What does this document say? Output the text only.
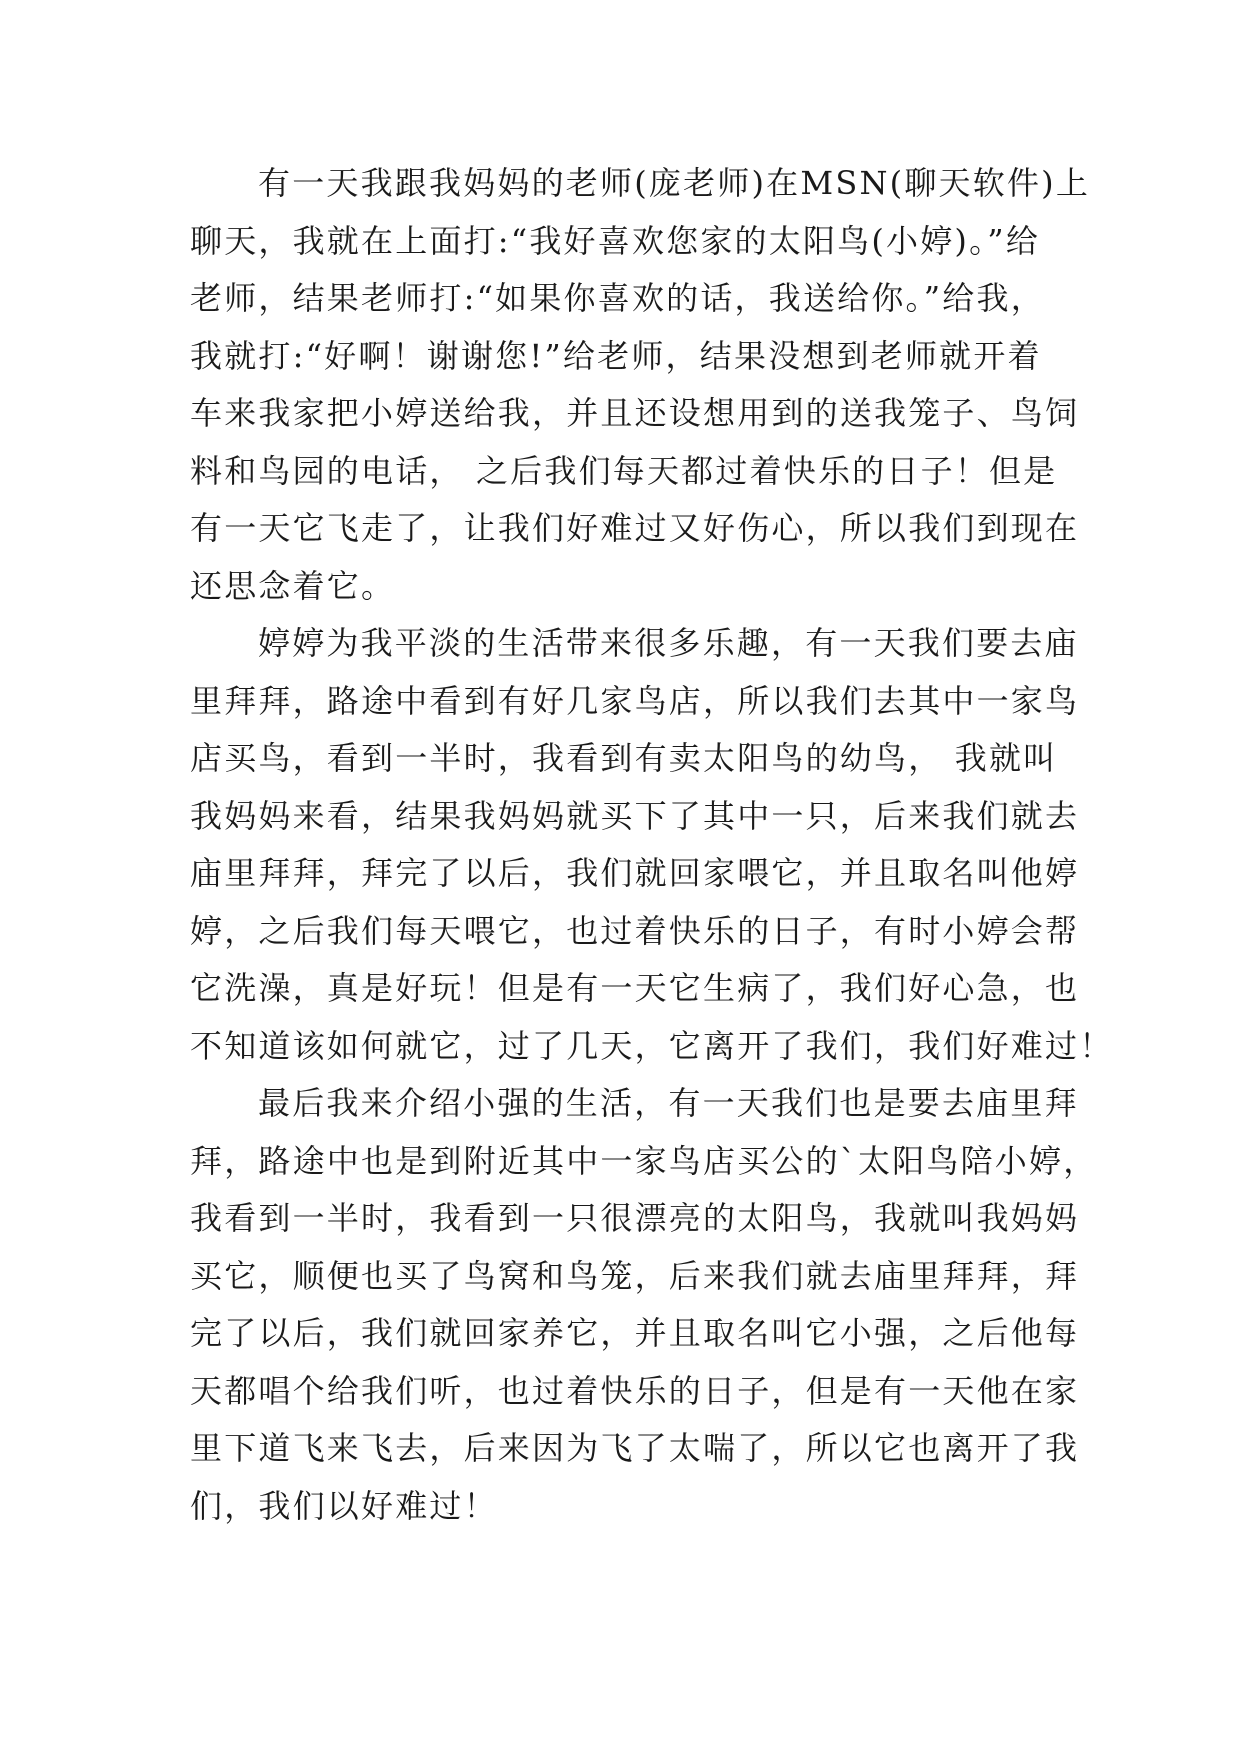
有一天我跟我妈妈的老师(庞老师)在MSN(聊天软件)上

聊天，我就在上面打:“我好喜欢您家的太阳鸟(小婷)。”给

老师，结果老师打:“如果你喜欢的话，我送给你。”给我，

我就打:“好啊！谢谢您!”给老师，结果没想到老师就开着

车来我家把小婷送给我，并且还设想用到的送我笼子、鸟饲

料和鸟园的电话， 之后我们每天都过着快乐的日子！但是

有一天它飞走了，让我们好难过又好伤心，所以我们到现在

还思念着它。

婷婷为我平淡的生活带来很多乐趣，有一天我们要去庙

里拜拜，路途中看到有好几家鸟店，所以我们去其中一家鸟

店买鸟，看到一半时，我看到有卖太阳鸟的幼鸟， 我就叫

我妈妈来看，结果我妈妈就买下了其中一只，后来我们就去

庙里拜拜，拜完了以后，我们就回家喂它，并且取名叫他婷

婷，之后我们每天喂它，也过着快乐的日子，有时小婷会帮

它洗澡，真是好玩！但是有一天它生病了，我们好心急，也

不知道该如何就它，过了几天，它离开了我们，我们好难过！

最后我来介绍小强的生活，有一天我们也是要去庙里拜

拜，路途中也是到附近其中一家鸟店买公的`太阳鸟陪小婷，

我看到一半时，我看到一只很漂亮的太阳鸟，我就叫我妈妈

买它，顺便也买了鸟窝和鸟笼，后来我们就去庙里拜拜，拜

完了以后，我们就回家养它，并且取名叫它小强，之后他每

天都唱个给我们听，也过着快乐的日子，但是有一天他在家

里下道飞来飞去，后来因为飞了太喘了，所以它也离开了我

们，我们以好难过！
